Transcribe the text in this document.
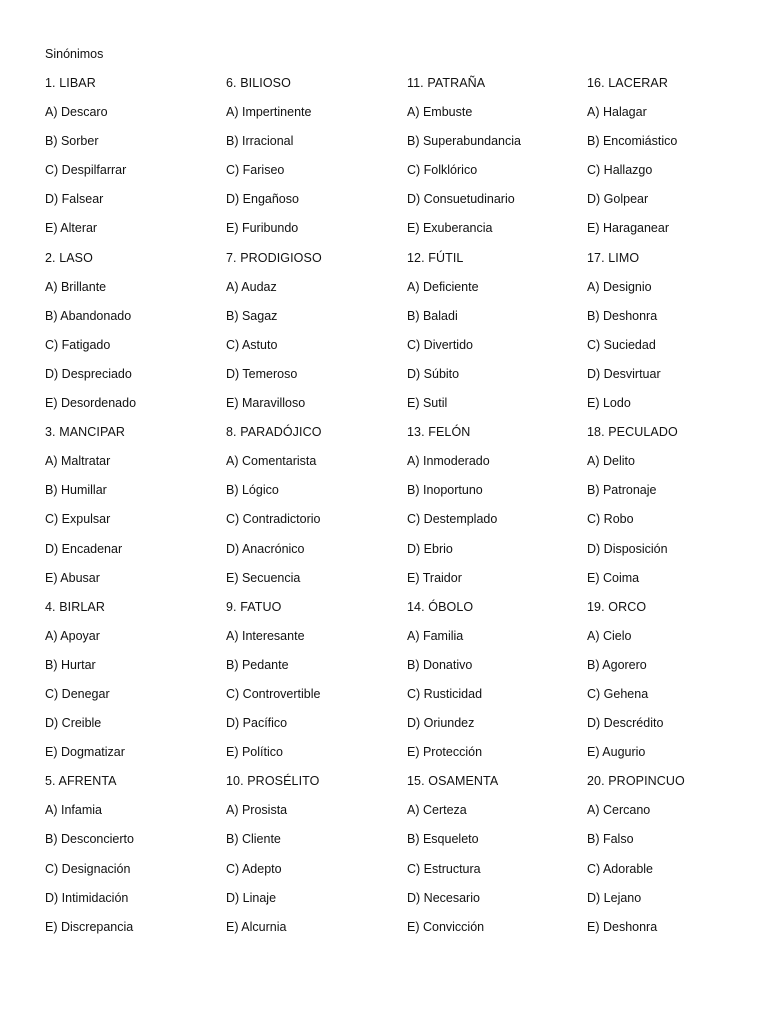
Sinónimos
1. LIBAR
A) Descaro
B) Sorber
C) Despilfarrar
D) Falsear
E) Alterar
2. LASO
A) Brillante
B) Abandonado
C) Fatigado
D) Despreciado
E) Desordenado
3. MANCIPAR
A) Maltratar
B) Humillar
C) Expulsar
D) Encadenar
E) Abusar
4. BIRLAR
A) Apoyar
B) Hurtar
C) Denegar
D) Creible
E) Dogmatizar
5. AFRENTA
A) Infamia
B) Desconcierto
C) Designación
D) Intimidación
E) Discrepancia
6. BILIOSO
A) Impertinente
B) Irracional
C) Fariseo
D) Engañoso
E) Furibundo
7. PRODIGIOSO
A) Audaz
B) Sagaz
C) Astuto
D) Temeroso
E) Maravilloso
8. PARADÓJICO
A) Comentarista
B) Lógico
C) Contradictorio
D) Anacrónico
E) Secuencia
9. FATUO
A) Interesante
B) Pedante
C) Controvertible
D) Pacífico
E) Político
10. PROSÉLITO
A) Prosista
B) Cliente
C) Adepto
D) Linaje
E) Alcurnia
11. PATRAÑA
A) Embuste
B) Superabundancia
C) Folklórico
D) Consuetudinario
E) Exuberancia
12. FÚTIL
A) Deficiente
B) Baladi
C) Divertido
D) Súbito
E) Sutil
13. FELÓN
A) Inmoderado
B) Inoportuno
C) Destemplado
D) Ebrio
E) Traidor
14. ÓBOLO
A) Familia
B) Donativo
C) Rusticidad
D) Oriundez
E) Protección
15. OSAMENTA
A) Certeza
B) Esqueleto
C) Estructura
D) Necesario
E) Convicción
16. LACERAR
A) Halagar
B) Encomiástico
C) Hallazgo
D) Golpear
E) Haraganear
17. LIMO
A) Designio
B) Deshonra
C) Suciedad
D) Desvirtuar
E) Lodo
18. PECULADO
A) Delito
B) Patronaje
C) Robo
D) Disposición
E) Coima
19. ORCO
A) Cielo
B) Agorero
C) Gehena
D) Descrédito
E) Augurio
20. PROPINCUO
A) Cercano
B) Falso
C) Adorable
D) Lejano
E) Deshonra
